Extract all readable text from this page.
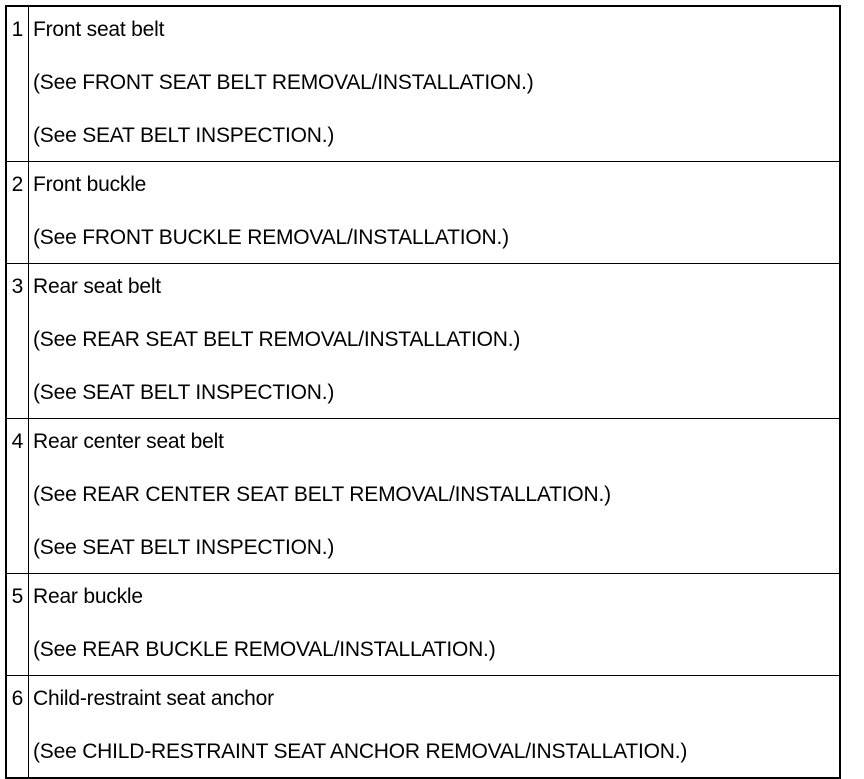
1	Front seat belt
(See FRONT SEAT BELT REMOVAL/INSTALLATION.)
(See SEAT BELT INSPECTION.)

2	Front buckle
(See FRONT BUCKLE REMOVAL/INSTALLATION.)

3	Rear seat belt
(See REAR SEAT BELT REMOVAL/INSTALLATION.)
(See SEAT BELT INSPECTION.)

4	Rear center seat belt
(See REAR CENTER SEAT BELT REMOVAL/INSTALLATION.)
(See SEAT BELT INSPECTION.)

5	Rear buckle
(See REAR BUCKLE REMOVAL/INSTALLATION.)

6	Child-restraint seat anchor
(See CHILD-RESTRAINT SEAT ANCHOR REMOVAL/INSTALLATION.)
